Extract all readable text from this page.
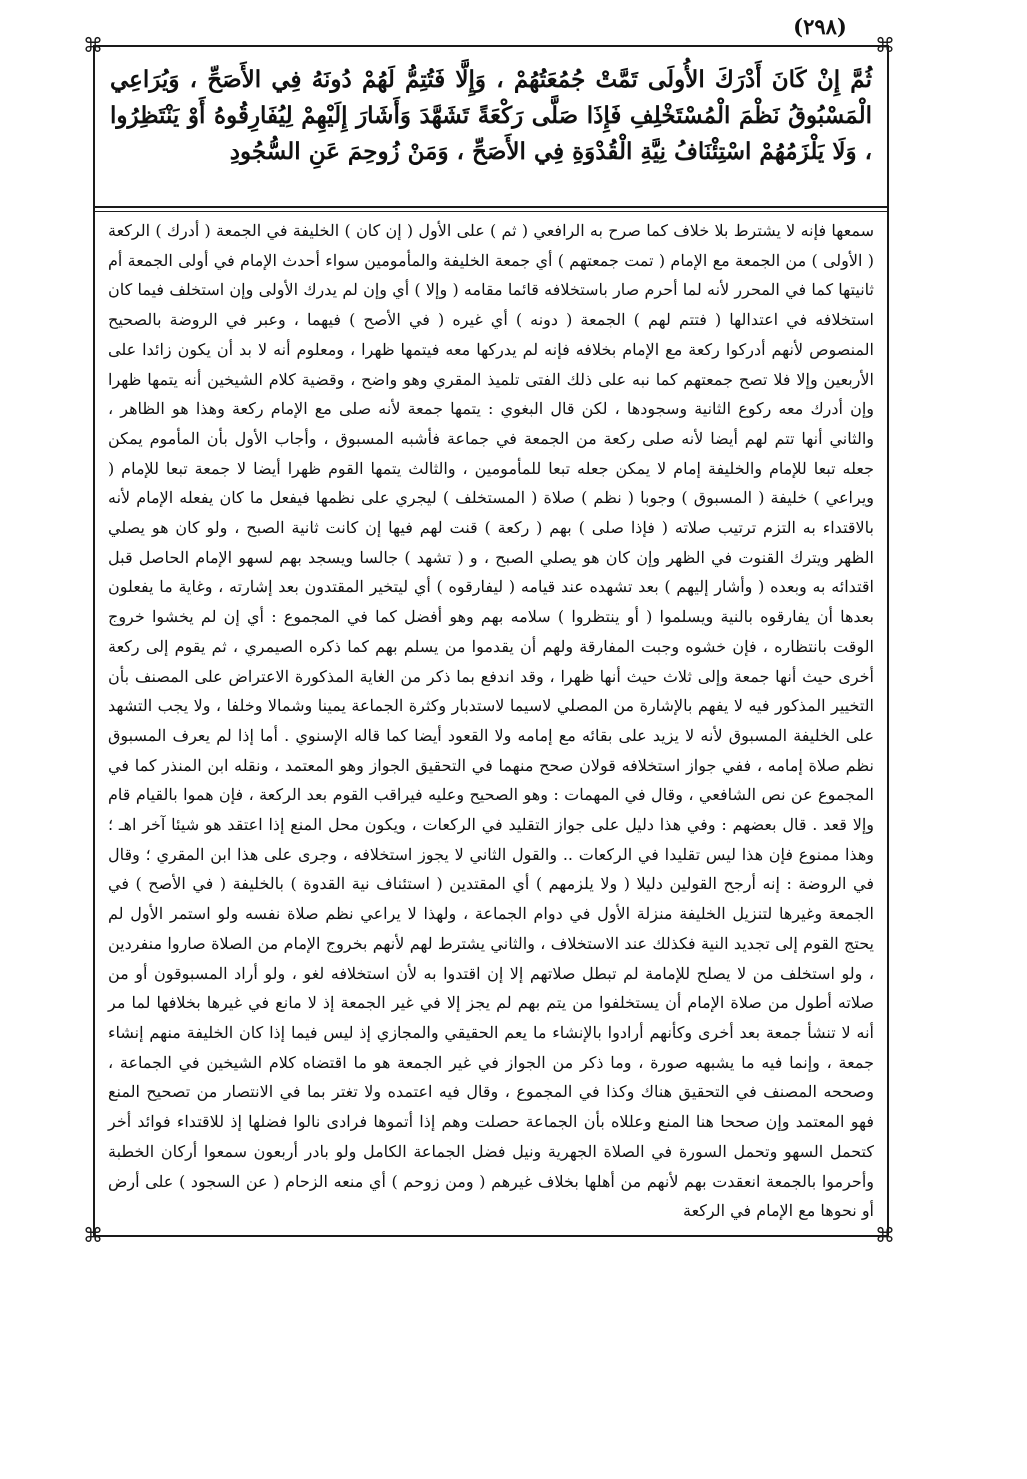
⌘	⌘
⌘	⌘
(٢٩٨)

ثُمَّ إِنْ كَانَ أَدْرَكَ الأُولَى تَمَّتْ جُمُعَتُهُمْ ، وَإِلَّا فَتُتِمُّ لَهُمْ دُونَهُ فِي الأَصَحِّ ، وَيُرَاعِي الْمَسْبُوقُ نَظْمَ الْمُسْتَخْلِفِ فَإِذَا صَلَّى رَكْعَةً تَشَهَّدَ وَأَشَارَ إِلَيْهِمْ لِيُفَارِقُوهُ أَوْ يَنْتَظِرُوا ، وَلَا يَلْزَمُهُمْ اسْتِئْنَافُ نِيَّةِ الْقُدْوَةِ فِي الأَصَحِّ ، وَمَنْ زُوحِمَ عَنِ السُّجُودِ

سمعها فإنه لا يشترط بلا خلاف كما صرح به الرافعي ( ثم ) على الأول ( إن كان ) الخليفة في الجمعة ( أدرك ) الركعة ( الأولى ) من الجمعة مع الإمام ( تمت جمعتهم ) أي جمعة الخليفة والمأمومين سواء أحدث الإمام في أولى الجمعة أم ثانيتها كما في المحرر لأنه لما أحرم صار باستخلافه قائما مقامه ( وإلا ) أي وإن لم يدرك الأولى وإن استخلف فيما كان استخلافه في اعتدالها ( فتتم لهم ) الجمعة ( دونه ) أي غيره ( في الأصح ) فيهما ، وعبر في الروضة بالصحيح المنصوص لأنهم أدركوا ركعة مع الإمام بخلافه فإنه لم يدركها معه فيتمها ظهرا ، ومعلوم أنه لا بد أن يكون زائدا على الأربعين وإلا فلا تصح جمعتهم كما نبه على ذلك الفتى تلميذ المقري وهو واضح ، وقضية كلام الشيخين أنه يتمها ظهرا وإن أدرك معه ركوع الثانية وسجودها ، لكن قال البغوي : يتمها جمعة لأنه صلى مع الإمام ركعة وهذا هو الظاهر ، والثاني أنها تتم لهم أيضا لأنه صلى ركعة من الجمعة في جماعة فأشبه المسبوق ، وأجاب الأول بأن المأموم يمكن جعله تبعا للإمام والخليفة إمام لا يمكن جعله تبعا للمأمومين ، والثالث يتمها القوم ظهرا أيضا لا جمعة تبعا للإمام ( ويراعي ) خليفة ( المسبوق ) وجوبا ( نظم ) صلاة ( المستخلف ) ليجري على نظمها فيفعل ما كان يفعله الإمام لأنه بالاقتداء به التزم ترتيب صلاته ( فإذا صلى ) بهم ( ركعة ) قنت لهم فيها إن كانت ثانية الصبح ، ولو كان هو يصلي الظهر ويترك القنوت في الظهر وإن كان هو يصلي الصبح ، و ( تشهد ) جالسا ويسجد بهم لسهو الإمام الحاصل قبل اقتدائه به وبعده ( وأشار إليهم ) بعد تشهده عند قيامه ( ليفارقوه ) أي ليتخير المقتدون بعد إشارته ، وغاية ما يفعلون بعدها أن يفارقوه بالنية ويسلموا ( أو ينتظروا ) سلامه بهم وهو أفضل كما في المجموع : أي إن لم يخشوا خروج الوقت بانتظاره ، فإن خشوه وجبت المفارقة ولهم أن يقدموا من يسلم بهم كما ذكره الصيمري ، ثم يقوم إلى ركعة أخرى حيث أنها جمعة وإلى ثلاث حيث أنها ظهرا ، وقد اندفع بما ذكر من الغاية المذكورة الاعتراض على المصنف بأن التخيير المذكور فيه لا يفهم بالإشارة من المصلي لاسيما لاستدبار وكثرة الجماعة يمينا وشمالا وخلفا ، ولا يجب التشهد على الخليفة المسبوق لأنه لا يزيد على بقائه مع إمامه ولا القعود أيضا كما قاله الإسنوي . أما إذا لم يعرف المسبوق نظم صلاة إمامه ، ففي جواز استخلافه قولان صحح منهما في التحقيق الجواز وهو المعتمد ، ونقله ابن المنذر كما في المجموع عن نص الشافعي ، وقال في المهمات : وهو الصحيح وعليه فيراقب القوم بعد الركعة ، فإن هموا بالقيام قام وإلا قعد . قال بعضهم : وفي هذا دليل على جواز التقليد في الركعات ، ويكون محل المنع إذا اعتقد هو شيئا آخر اهـ ؛ وهذا ممنوع فإن هذا ليس تقليدا في الركعات .. والقول الثاني لا يجوز استخلافه ، وجرى على هذا ابن المقري ؛ وقال في الروضة : إنه أرجح القولين دليلا ( ولا يلزمهم ) أي المقتدين ( استئناف نية القدوة ) بالخليفة ( في الأصح ) في الجمعة وغيرها لتنزيل الخليفة منزلة الأول في دوام الجماعة ، ولهذا لا يراعي نظم صلاة نفسه ولو استمر الأول لم يحتج القوم إلى تجديد النية فكذلك عند الاستخلاف ، والثاني يشترط لهم لأنهم بخروج الإمام من الصلاة صاروا منفردين ، ولو استخلف من لا يصلح للإمامة لم تبطل صلاتهم إلا إن اقتدوا به لأن استخلافه لغو ، ولو أراد المسبوقون أو من صلاته أطول من صلاة الإمام أن يستخلفوا من يتم بهم لم يجز إلا في غير الجمعة إذ لا مانع في غيرها بخلافها لما مر أنه لا تنشأ جمعة بعد أخرى وكأنهم أرادوا بالإنشاء ما يعم الحقيقي والمجازي إذ ليس فيما إذا كان الخليفة منهم إنشاء جمعة ، وإنما فيه ما يشبهه صورة ، وما ذكر من الجواز في غير الجمعة هو ما اقتضاه كلام الشيخين في الجماعة ، وصححه المصنف في التحقيق هناك وكذا في المجموع ، وقال فيه اعتمده ولا تغتر بما في الانتصار من تصحيح المنع فهو المعتمد وإن صححا هنا المنع وعللاه بأن الجماعة حصلت وهم إذا أتموها فرادى نالوا فضلها إذ للاقتداء فوائد أخر كتحمل السهو وتحمل السورة في الصلاة الجهرية ونيل فضل الجماعة الكامل ولو بادر أربعون سمعوا أركان الخطبة وأحرموا بالجمعة انعقدت بهم لأنهم من أهلها بخلاف غيرهم ( ومن زوحم ) أي منعه الزحام ( عن السجود ) على أرض أو نحوها مع الإمام في الركعة
